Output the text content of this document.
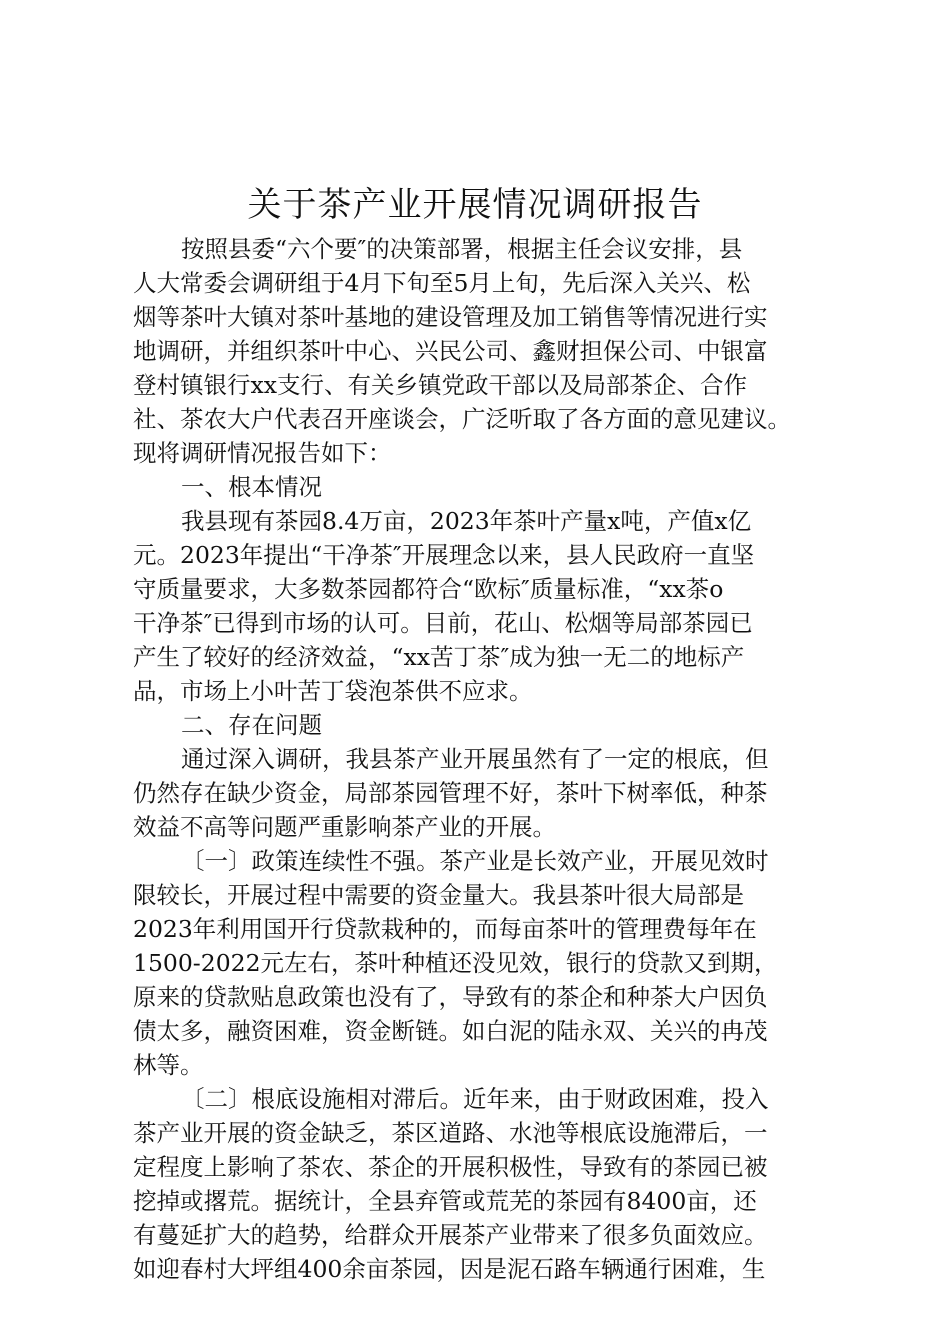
关于茶产业开展情况调研报告
按照县委“六个要″的决策部署，根据主任会议安排，县
人大常委会调研组于4月下旬至5月上旬，先后深入关兴、松
烟等茶叶大镇对茶叶基地的建设管理及加工销售等情况进行实
地调研，并组织茶叶中心、兴民公司、鑫财担保公司、中银富
登村镇银行xx支行、有关乡镇党政干部以及局部茶企、合作
社、茶农大户代表召开座谈会，广泛听取了各方面的意见建议。
现将调研情况报告如下：
一、根本情况
我县现有茶园8.4万亩，2023年茶叶产量x吨，产值x亿
元。2023年提出“干净茶″开展理念以来，县人民政府一直坚
守质量要求，大多数茶园都符合“欧标″质量标准，“xx茶o
干净茶″已得到市场的认可。目前，花山、松烟等局部茶园已
产生了较好的经济效益，“xx苦丁茶″成为独一无二的地标产
品，市场上小叶苦丁袋泡茶供不应求。
二、存在问题
通过深入调研，我县茶产业开展虽然有了一定的根底，但
仍然存在缺少资金，局部茶园管理不好，茶叶下树率低，种茶
效益不高等问题严重影响茶产业的开展。
〔一〕政策连续性不强。茶产业是长效产业，开展见效时
限较长，开展过程中需要的资金量大。我县茶叶很大局部是
2023年利用国开行贷款栽种的，而每亩茶叶的管理费每年在
1500-2022元左右，茶叶种植还没见效，银行的贷款又到期，
原来的贷款贴息政策也没有了，导致有的茶企和种茶大户因负
债太多，融资困难，资金断链。如白泥的陆永双、关兴的冉茂
林等。
〔二〕根底设施相对滞后。近年来，由于财政困难，投入
茶产业开展的资金缺乏，茶区道路、水池等根底设施滞后，一
定程度上影响了茶农、茶企的开展积极性，导致有的茶园已被
挖掉或撂荒。据统计，全县弃管或荒芜的茶园有8400亩，还
有蔓延扩大的趋势，给群众开展茶产业带来了很多负面效应。
如迎春村大坪组400余亩茶园，因是泥石路车辆通行困难，生
